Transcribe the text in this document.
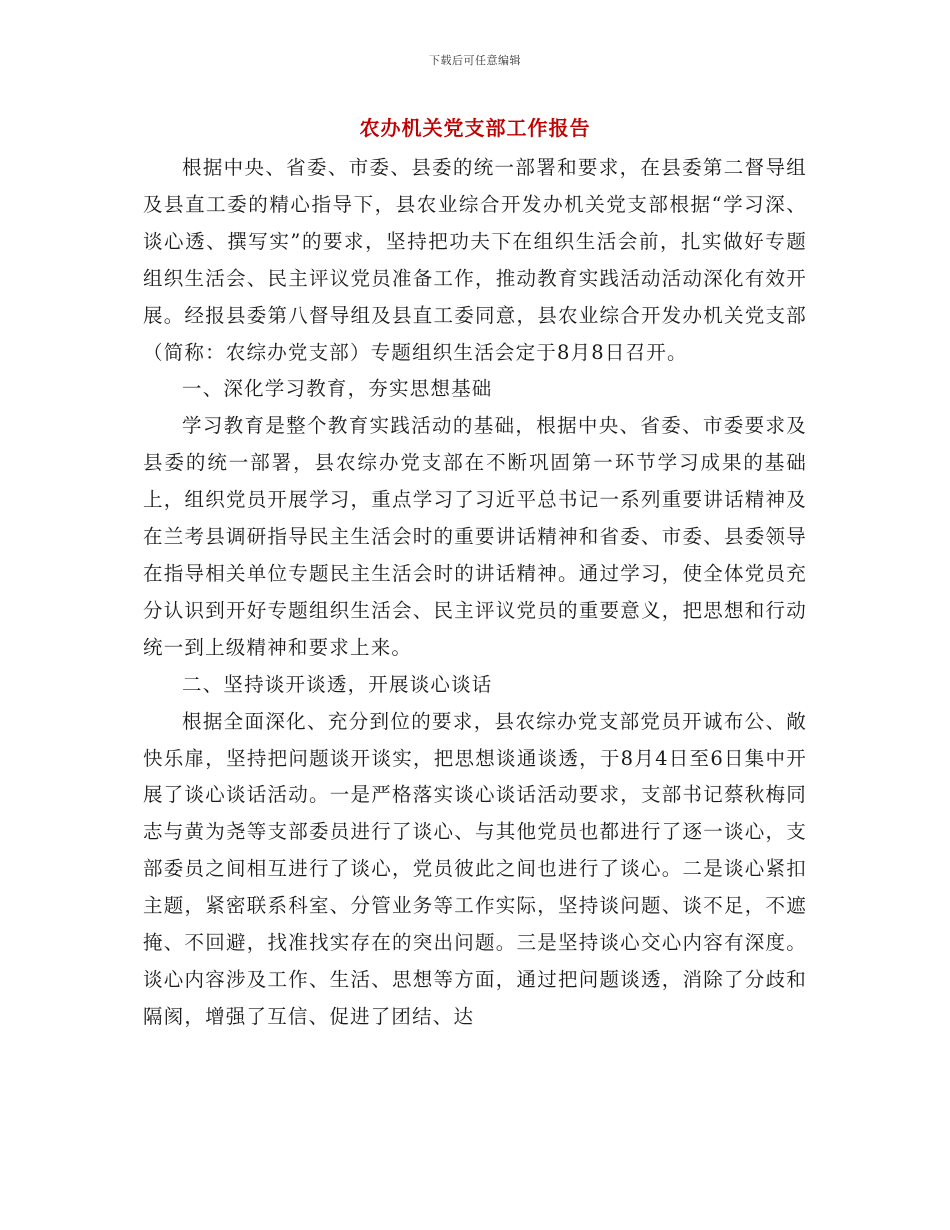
下载后可任意编辑
农办机关党支部工作报告

根据中央、省委、市委、县委的统一部署和要求，在县委第二督导组及县直工委的精心指导下，县农业综合开发办机关党支部根据“学习深、谈心透、撰写实”的要求，坚持把功夫下在组织生活会前，扎实做好专题组织生活会、民主评议党员准备工作，推动教育实践活动活动深化有效开展。经报县委第八督导组及县直工委同意，县农业综合开发办机关党支部（简称：农综办党支部）专题组织生活会定于8月8日召开。

一、深化学习教育，夯实思想基础

学习教育是整个教育实践活动的基础，根据中央、省委、市委要求及县委的统一部署，县农综办党支部在不断巩固第一环节学习成果的基础上，组织党员开展学习，重点学习了习近平总书记一系列重要讲话精神及在兰考县调研指导民主生活会时的重要讲话精神和省委、市委、县委领导在指导相关单位专题民主生活会时的讲话精神。通过学习，使全体党员充分认识到开好专题组织生活会、民主评议党员的重要意义，把思想和行动统一到上级精神和要求上来。

二、坚持谈开谈透，开展谈心谈话

根据全面深化、充分到位的要求，县农综办党支部党员开诚布公、敞快乐扉，坚持把问题谈开谈实，把思想谈通谈透，于8月4日至6日集中开展了谈心谈话活动。一是严格落实谈心谈话活动要求，支部书记蔡秋梅同志与黄为尧等支部委员进行了谈心、与其他党员也都进行了逐一谈心，支部委员之间相互进行了谈心，党员彼此之间也进行了谈心。二是谈心紧扣主题，紧密联系科室、分管业务等工作实际，坚持谈问题、谈不足，不遮掩、不回避，找准找实存在的突出问题。三是坚持谈心交心内容有深度。谈心内容涉及工作、生活、思想等方面，通过把问题谈透，消除了分歧和隔阂，增强了互信、促进了团结、达
